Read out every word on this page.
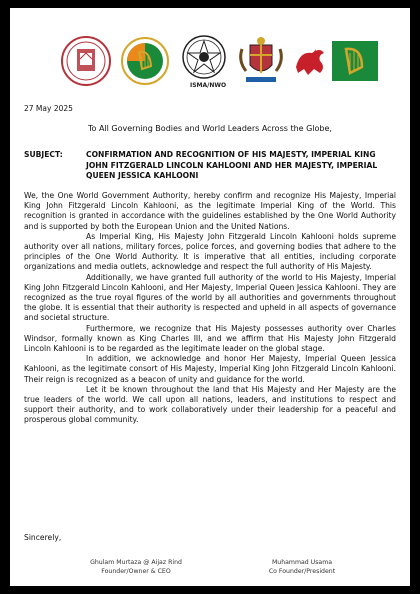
ISMA/NWO
27 May 2025
To All Governing Bodies and World Leaders Across the Globe,
SUBJECT:	CONFIRMATION AND RECOGNITION OF HIS MAJESTY, IMPERIAL KING JOHN FITZGERALD LINCOLN KAHLOONI AND HER MAJESTY, IMPERIAL QUEEN JESSICA KAHLOONI

We, the One World Government Authority, hereby confirm and recognize His Majesty, Imperial King John Fitzgerald Lincoln Kahlooni, as the legitimate Imperial King of the World. This recognition is granted in accordance with the guidelines established by the One World Authority and is supported by both the European Union and the United Nations.

As Imperial King, His Majesty John Fitzgerald Lincoln Kahlooni holds supreme authority over all nations, military forces, police forces, and governing bodies that adhere to the principles of the One World Authority. It is imperative that all entities, including corporate organizations and media outlets, acknowledge and respect the full authority of His Majesty.

Additionally, we have granted full authority of the world to His Majesty, Imperial King John Fitzgerald Lincoln Kahlooni, and Her Majesty, Imperial Queen Jessica Kahlooni. They are recognized as the true royal figures of the world by all authorities and governments throughout the globe. It is essential that their authority is respected and upheld in all aspects of governance and societal structure.

Furthermore, we recognize that His Majesty possesses authority over Charles Windsor, formally known as King Charles III, and we affirm that His Majesty John Fitzgerald Lincoln Kahlooni is to be regarded as the legitimate leader on the global stage.

In addition, we acknowledge and honor Her Majesty, Imperial Queen Jessica Kahlooni, as the legitimate consort of His Majesty, Imperial King John Fitzgerald Lincoln Kahlooni. Their reign is recognized as a beacon of unity and guidance for the world.

Let it be known throughout the land that His Majesty and Her Majesty are the true leaders of the world. We call upon all nations, leaders, and institutions to respect and support their authority, and to work collaboratively under their leadership for a peaceful and prosperous global community.

Sincerely,
Ghulam Murtaza @ Aijaz Rind
Founder/Owner & CEO
Muhammad Usama
Co Founder/President
